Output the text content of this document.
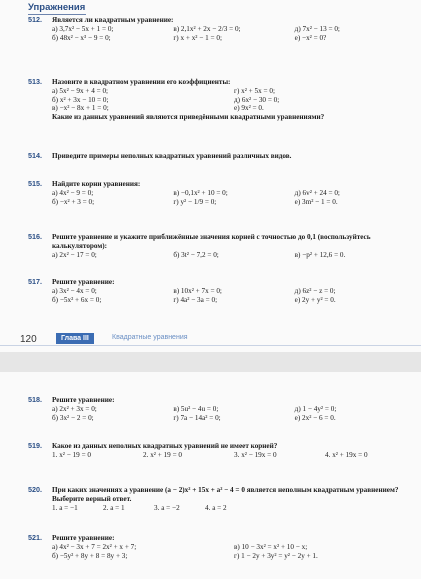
Упражнения
512.	Является ли квадратным уравнение:
а) 3,7x² − 5x + 1 = 0;	в) 2,1x² + 2x − 2/3 = 0;	д) 7x² − 13 = 0;
б) 48x² − x³ − 9 = 0;	г) x + x² − 1 = 0;	е) −x² = 0?
513.	Назовите в квадратном уравнении его коэффициенты:
а) 5x² − 9x + 4 = 0;	г) x² + 5x = 0;
б) x² + 3x − 10 = 0;	д) 6x² − 30 = 0;
в) −x² − 8x + 1 = 0;	е) 9x² = 0.
Какие из данных уравнений являются приведёнными квадратными уравнениями?
514.	Приведите примеры неполных квадратных уравнений различных видов.
515.	Найдите корни уравнения:
а) 4x² − 9 = 0;	в) −0,1x² + 10 = 0;	д) 6v² + 24 = 0;
б) −x² + 3 = 0;	г) y² − 1/9 = 0;	е) 3m² − 1 = 0.
516.	Решите уравнение и укажите приближённые значения корней с точностью до 0,1 (воспользуйтесь калькулятором):
а) 2x² − 17 = 0;	б) 3t² − 7,2 = 0;	в) −p² + 12,6 = 0.
517.	Решите уравнение:
а) 3x² − 4x = 0;	в) 10x² + 7x = 0;	д) 6z² − z = 0;
б) −5x² + 6x = 0;	г) 4a² − 3a = 0;	е) 2y + y² = 0.
120	Глава III	Квадратные уравнения
518.	Решите уравнение:
а) 2x² + 3x = 0;	в) 5u² − 4u = 0;	д) 1 − 4y² = 0;
б) 3x² − 2 = 0;	г) 7a − 14a² = 0;	е) 2x² − 6 = 0.
519.	Какое из данных неполных квадратных уравнений не имеет корней?
1. x² − 19 = 0	2. x² + 19 = 0	3. x² − 19x = 0	4. x² + 19x = 0
520.	При каких значениях a уравнение (a − 2)x² + 15x + a² − 4 = 0 является неполным квадратным уравнением? Выберите верный ответ.
1. a = −1	2. a = 1	3. a = −2	4. a = 2
521.	Решите уравнение:
а) 4x² − 3x + 7 = 2x² + x + 7;	в) 10 − 3x² = x² + 10 − x;
б) −5y² + 8y + 8 = 8y + 3;	г) 1 − 2y + 3y² = y² − 2y + 1.
